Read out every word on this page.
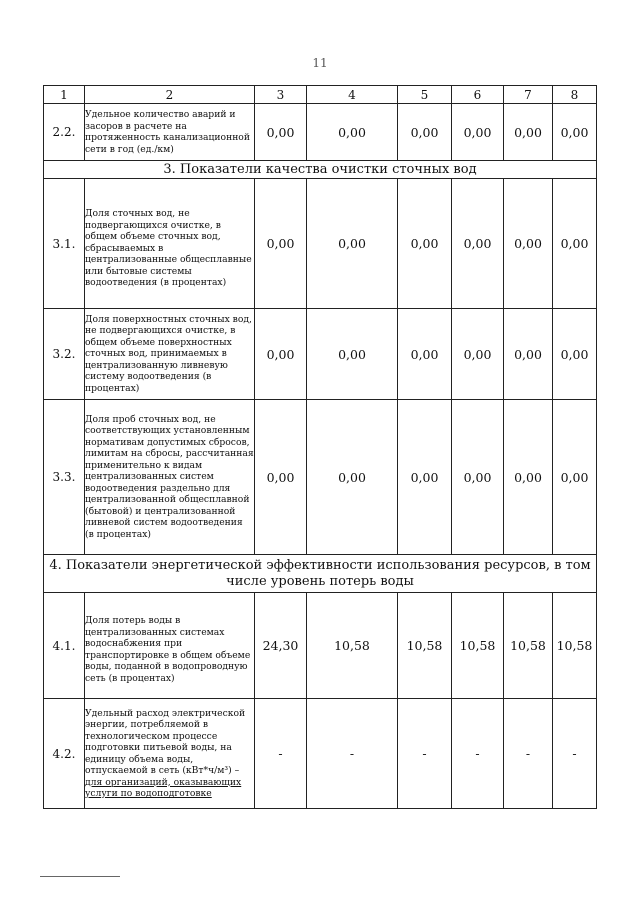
11
1	2	3	4	5	6	7	8
2.2.	Удельное количество аварий и засоров в расчете на протяженность канализационной сети в год (ед./км)	0,00	0,00	0,00	0,00	0,00	0,00
3. Показатели качества очистки сточных вод							
3.1.	Доля сточных вод, не подвергающихся очистке, в общем объеме сточных вод, сбрасываемых в централизованные общесплавные или бытовые системы водоотведения (в процентах)	0,00	0,00	0,00	0,00	0,00	0,00
3.2.	Доля поверхностных сточных вод, не подвергающихся очистке, в общем объеме поверхностных сточных вод, принимаемых в централизованную ливневую систему водоотведения (в процентах)	0,00	0,00	0,00	0,00	0,00	0,00
3.3.	Доля проб сточных вод, не соответствующих установленным нормативам допустимых сбросов, лимитам на сбросы, рассчитанная применительно к видам централизованных систем водоотведения раздельно для централизованной общесплавной (бытовой) и централизованной ливневой систем водоотведения (в процентах)	0,00	0,00	0,00	0,00	0,00	0,00
4. Показатели энергетической эффективности использования ресурсов, в том числе уровень потерь воды							
4.1.	Доля потерь воды в централизованных системах водоснабжения при транспортировке в общем объеме воды, поданной в водопроводную сеть (в процентах)	24,30	10,58	10,58	10,58	10,58	10,58
4.2.	Удельный расход электрической энергии, потребляемой в технологическом процессе подготовки питьевой воды, на единицу объема воды, отпускаемой в сеть (кВт*ч/м³) – для организаций, оказывающих услуги по водоподготовке	-	-	-	-	-	-
